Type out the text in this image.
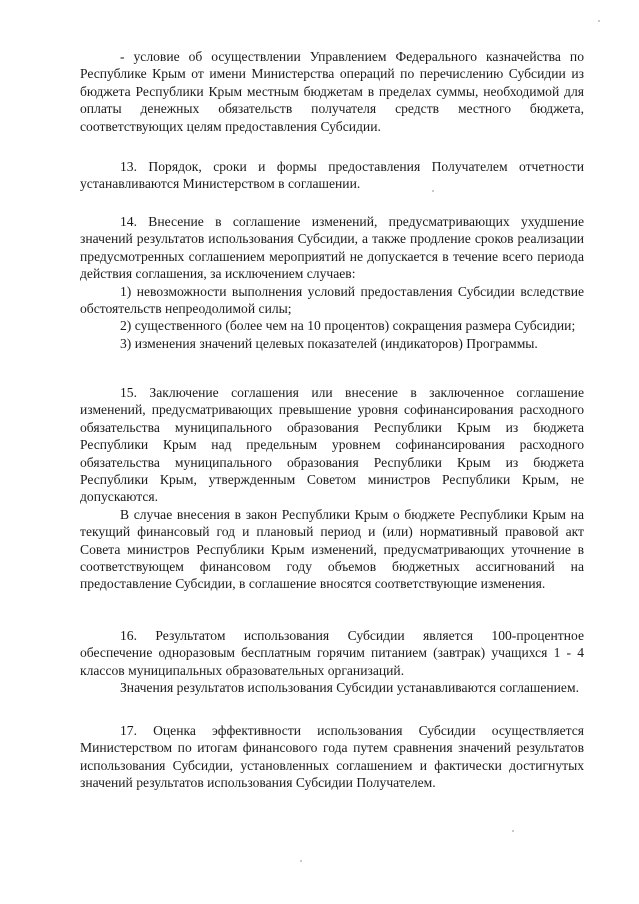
- условие об осуществлении Управлением Федерального казначейства по Республике Крым от имени Министерства операций по перечислению Субсидии из бюджета Республики Крым местным бюджетам в пределах суммы, необходимой для оплаты денежных обязательств получателя средств местного бюджета, соответствующих целям предоставления Субсидии.

13. Порядок, сроки и формы предоставления Получателем отчетности устанавливаются Министерством в соглашении.

14. Внесение в соглашение изменений, предусматривающих ухудшение значений результатов использования Субсидии, а также продление сроков реализации предусмотренных соглашением мероприятий не допускается в течение всего периода действия соглашения, за исключением случаев:

1) невозможности выполнения условий предоставления Субсидии вследствие обстоятельств непреодолимой силы;

2) существенного (более чем на 10 процентов) сокращения размера Субсидии;

3) изменения значений целевых показателей (индикаторов) Программы.

15. Заключение соглашения или внесение в заключенное соглашение изменений, предусматривающих превышение уровня софинансирования расходного обязательства муниципального образования Республики Крым из бюджета Республики Крым над предельным уровнем софинансирования расходного обязательства муниципального образования Республики Крым из бюджета Республики Крым, утвержденным Советом министров Республики Крым, не допускаются.

В случае внесения в закон Республики Крым о бюджете Республики Крым на текущий финансовый год и плановый период и (или) нормативный правовой акт Совета министров Республики Крым изменений, предусматривающих уточнение в соответствующем финансовом году объемов бюджетных ассигнований на предоставление Субсидии, в соглашение вносятся соответствующие изменения.

16. Результатом использования Субсидии является 100-процентное обеспечение одноразовым бесплатным горячим питанием (завтрак) учащихся 1 - 4 классов муниципальных образовательных организаций.

Значения результатов использования Субсидии устанавливаются соглашением.

17. Оценка эффективности использования Субсидии осуществляется Министерством по итогам финансового года путем сравнения значений результатов использования Субсидии, установленных соглашением и фактически достигнутых значений результатов использования Субсидии Получателем.
